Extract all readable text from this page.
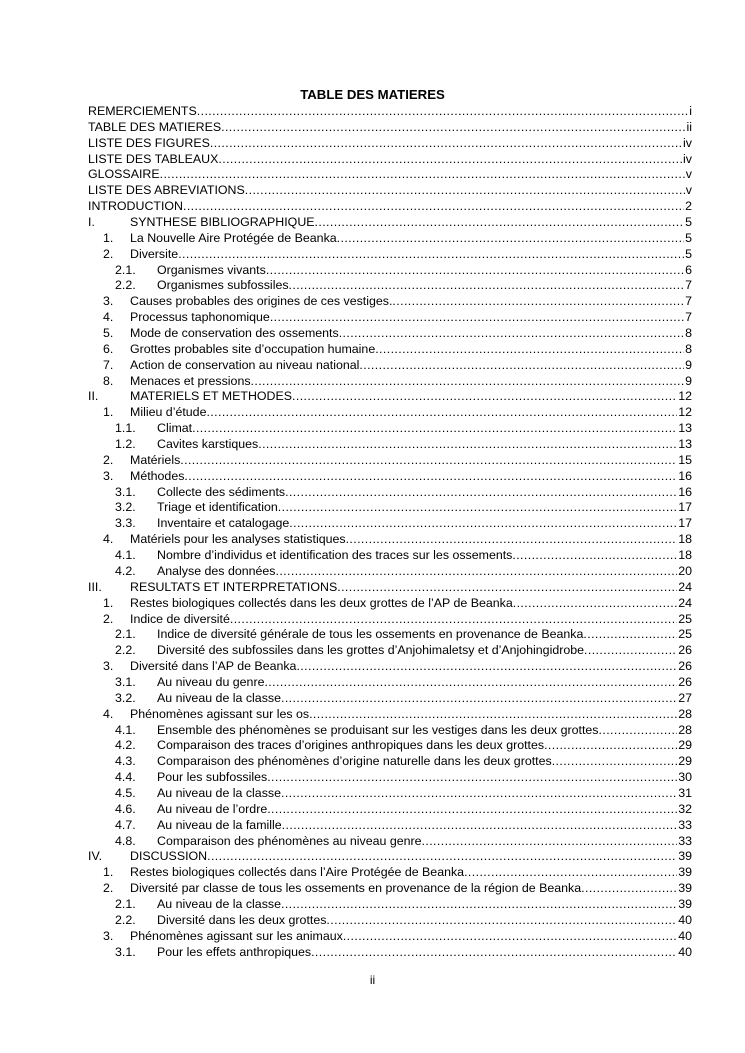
TABLE DES MATIERES
REMERCIEMENTS .....	i
TABLE DES MATIERES .....	ii
LISTE DES FIGURES .....	iv
LISTE DES TABLEAUX .....	iv
GLOSSAIRE .....	v
LISTE DES ABREVIATIONS .....	v
INTRODUCTION .....	2
I.	SYNTHESE BIBLIOGRAPHIQUE .....	5
1.	La Nouvelle Aire Protégée de Beanka .....	5
2.	Diversite .....	5
2.1.	Organismes vivants .....	6
2.2.	Organismes subfossiles .....	7
3.	Causes probables des origines de ces vestiges. .....	7
4.	Processus taphonomique .....	7
5.	Mode de conservation des ossements .....	8
6.	Grottes probables site d’occupation humaine .....	8
7.	Action de conservation au niveau national .....	9
8.	Menaces et pressions .....	9
II.	MATERIELS ET METHODES .....	12
1.	Milieu d’étude .....	12
1.1.	Climat .....	13
1.2.	Cavites karstiques .....	13
2.	Matériels .....	15
3.	Méthodes .....	16
3.1.	Collecte des sédiments .....	16
3.2.	Triage et identification .....	17
3.3.	Inventaire et catalogage .....	17
4.	Matériels pour les analyses statistiques .....	18
4.1.	Nombre d’individus et identification des traces sur les ossements .....	18
4.2.	Analyse des données .....	20
III.	RESULTATS ET INTERPRETATIONS .....	24
1.	Restes biologiques collectés dans les deux grottes de l’AP de Beanka .....	24
2.	Indice de diversité .....	25
2.1.	Indice de diversité générale de tous les ossements en provenance de Beanka .....	25
2.2.	Diversité des subfossiles dans les grottes d’Anjohimaletsy et d’Anjohingidrobe .....	26
3.	Diversité dans l’AP de Beanka .....	26
3.1.	Au niveau du genre .....	26
3.2.	Au niveau de la classe .....	27
4.	Phénomènes agissant sur les os .....	28
4.1.	Ensemble des phénomènes se produisant sur les vestiges dans les deux grottes .....	28
4.2.	Comparaison des traces d’origines anthropiques dans les deux grottes .....	29
4.3.	Comparaison des phénomènes d’origine naturelle dans les deux grottes .....	29
4.4.	Pour les subfossiles .....	30
4.5.	Au niveau de la classe .....	31
4.6.	Au niveau de l’ordre .....	32
4.7.	Au niveau de la famille .....	33
4.8.	Comparaison des phénomènes au niveau genre .....	33
IV.	DISCUSSION .....	39
1.	Restes biologiques collectés dans l’Aire Protégée de Beanka .....	39
2.	Diversité par classe de tous les ossements en provenance de la région de Beanka .....	39
2.1.	Au niveau de la classe .....	39
2.2.	Diversité dans les deux grottes .....	40
3.	Phénomènes agissant sur les animaux .....	40
3.1.	Pour les effets anthropiques .....	40
ii
